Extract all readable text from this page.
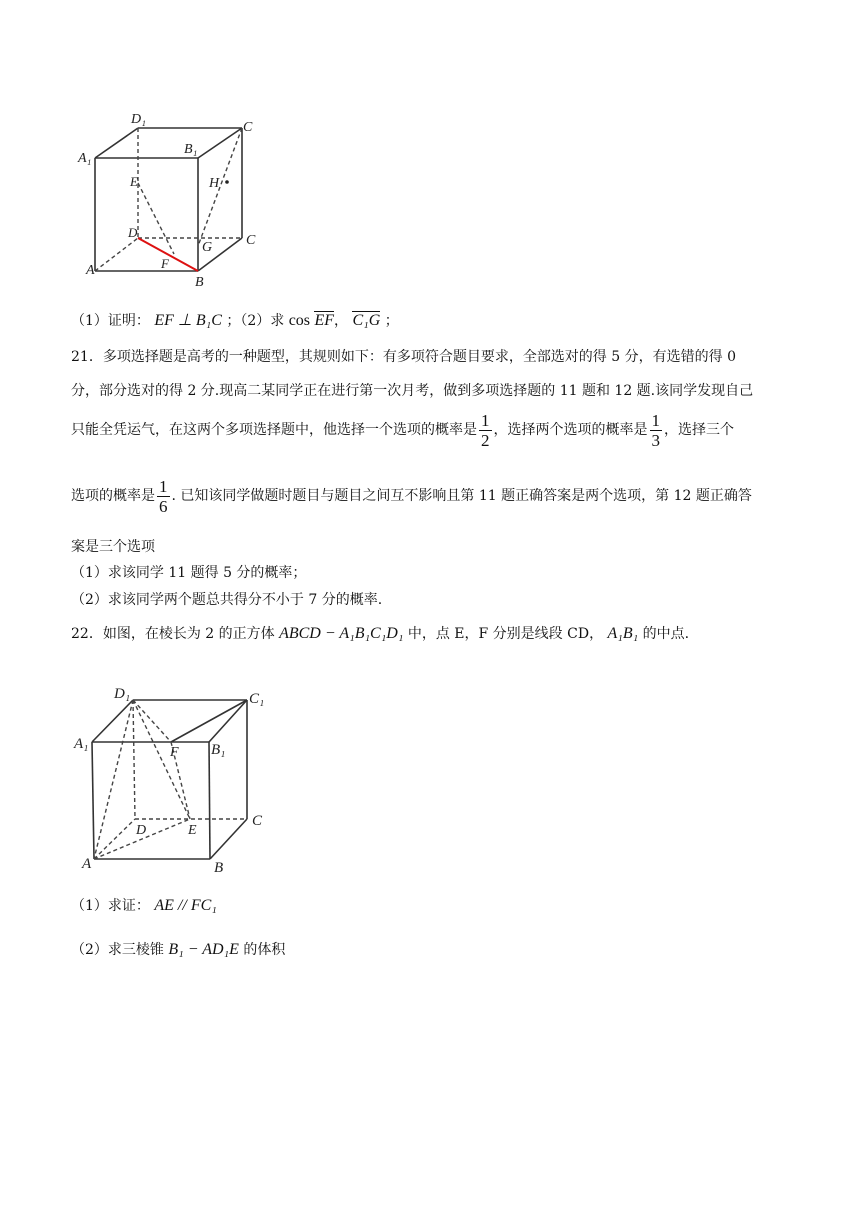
D₁
C
A₁
B₁
E	H
D
G C
F
A
B
（1）证明： EF ⊥ B₁C ；（2）求 cos EF， C₁G ；
21．多项选择题是高考的一种题型，其规则如下：有多项符合题目要求，全部选对的得 5 分，有选错的得 0
分，部分选对的得 2 分.现高二某同学正在进行第一次月考，做到多项选择题的 11 题和 12 题.该同学发现自己
只能全凭运气，在这两个多项选择题中，他选择一个选项的概率是 $\frac{1}{2}$ ，选择两个选项的概率是 $\frac{1}{3}$ ，选择三个
选项的概率是 $\frac{1}{6}$ . 已知该同学做题时题目与题目之间互不影响且第 11 题正确答案是两个选项，第 12 题正确答
案是三个选项
（1）求该同学 11 题得 5 分的概率；
（2）求该同学两个题总共得分不小于 7 分的概率.
22．如图，在棱长为 2 的正方体 ABCD − A₁B₁C₁D₁ 中，点 E，F 分别是线段 CD， A₁B₁ 的中点.
D₁	C₁
A₁
F B₁
D	E
C
A	B
（1）求证： AE // FC₁
（2）求三棱锥 B₁ − AD₁E 的体积
